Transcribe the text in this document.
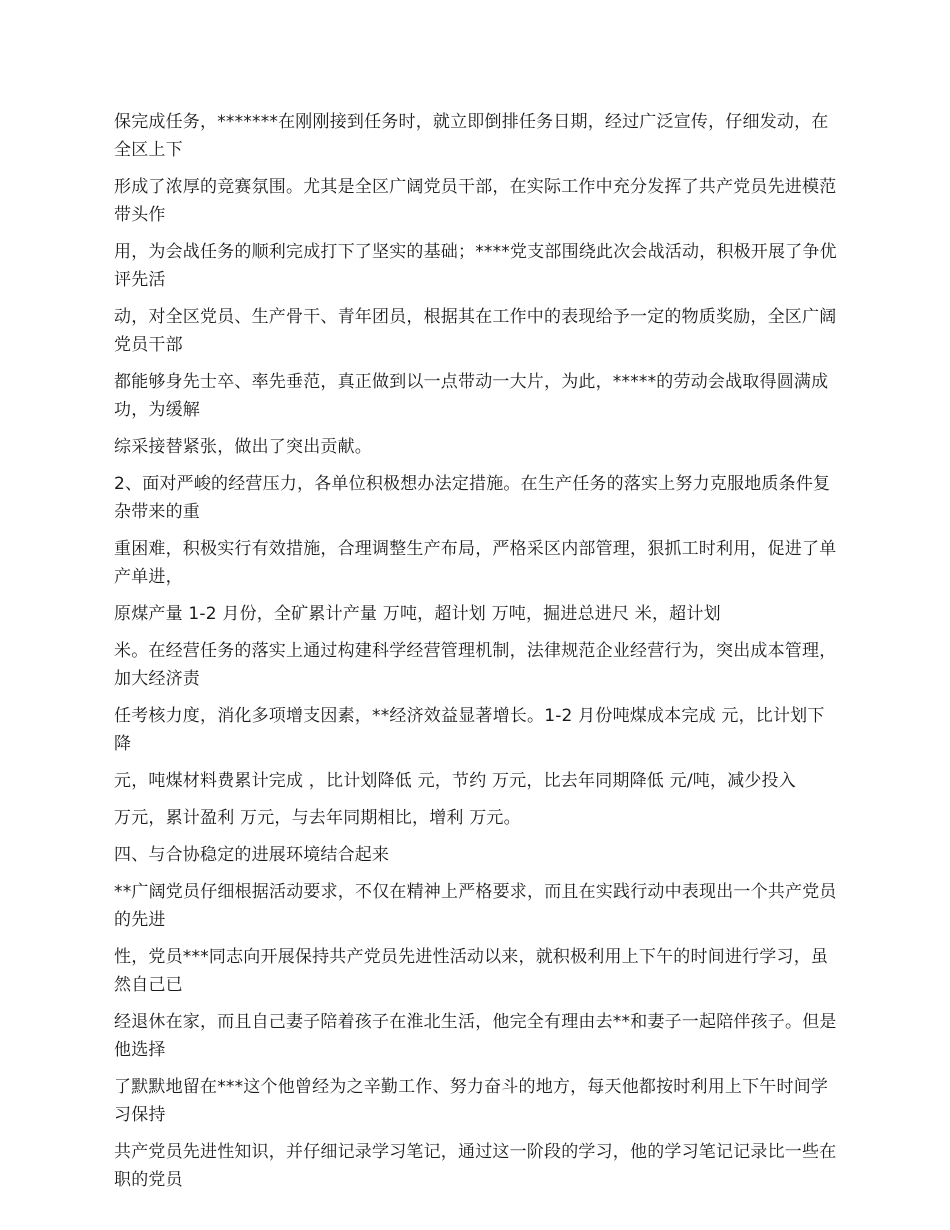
保完成任务，*******在刚刚接到任务时，就立即倒排任务日期，经过广泛宣传，仔细发动，在全区上下

形成了浓厚的竞赛氛围。尤其是全区广阔党员干部，在实际工作中充分发挥了共产党员先进模范带头作

用，为会战任务的顺利完成打下了坚实的基础；****党支部围绕此次会战活动，积极开展了争优评先活

动，对全区党员、生产骨干、青年团员，根据其在工作中的表现给予一定的物质奖励，全区广阔党员干部

都能够身先士卒、率先垂范，真正做到以一点带动一大片，为此，*****的劳动会战取得圆满成功，为缓解

综采接替紧张，做出了突出贡献。

2、面对严峻的经营压力，各单位积极想办法定措施。在生产任务的落实上努力克服地质条件复杂带来的重

重困难，积极实行有效措施，合理调整生产布局，严格采区内部管理，狠抓工时利用，促进了单产单进，

原煤产量 1-2 月份，全矿累计产量 万吨，超计划 万吨，掘进总进尺 米，超计划

米。在经营任务的落实上通过构建科学经营管理机制，法律规范企业经营行为，突出成本管理，加大经济责

任考核力度，消化多项增支因素，**经济效益显著增长。1-2 月份吨煤成本完成 元，比计划下降

元，吨煤材料费累计完成 ，比计划降低 元，节约 万元，比去年同期降低 元/吨，减少投入

万元，累计盈利 万元，与去年同期相比，增利 万元。

四、与合协稳定的进展环境结合起来

**广阔党员仔细根据活动要求，不仅在精神上严格要求，而且在实践行动中表现出一个共产党员的先进

性，党员***同志向开展保持共产党员先进性活动以来，就积极利用上下午的时间进行学习，虽然自己已

经退休在家，而且自己妻子陪着孩子在淮北生活，他完全有理由去**和妻子一起陪伴孩子。但是他选择

了默默地留在***这个他曾经为之辛勤工作、努力奋斗的地方，每天他都按时利用上下午时间学习保持

共产党员先进性知识，并仔细记录学习笔记，通过这一阶段的学习，他的学习笔记记录比一些在职的党员
